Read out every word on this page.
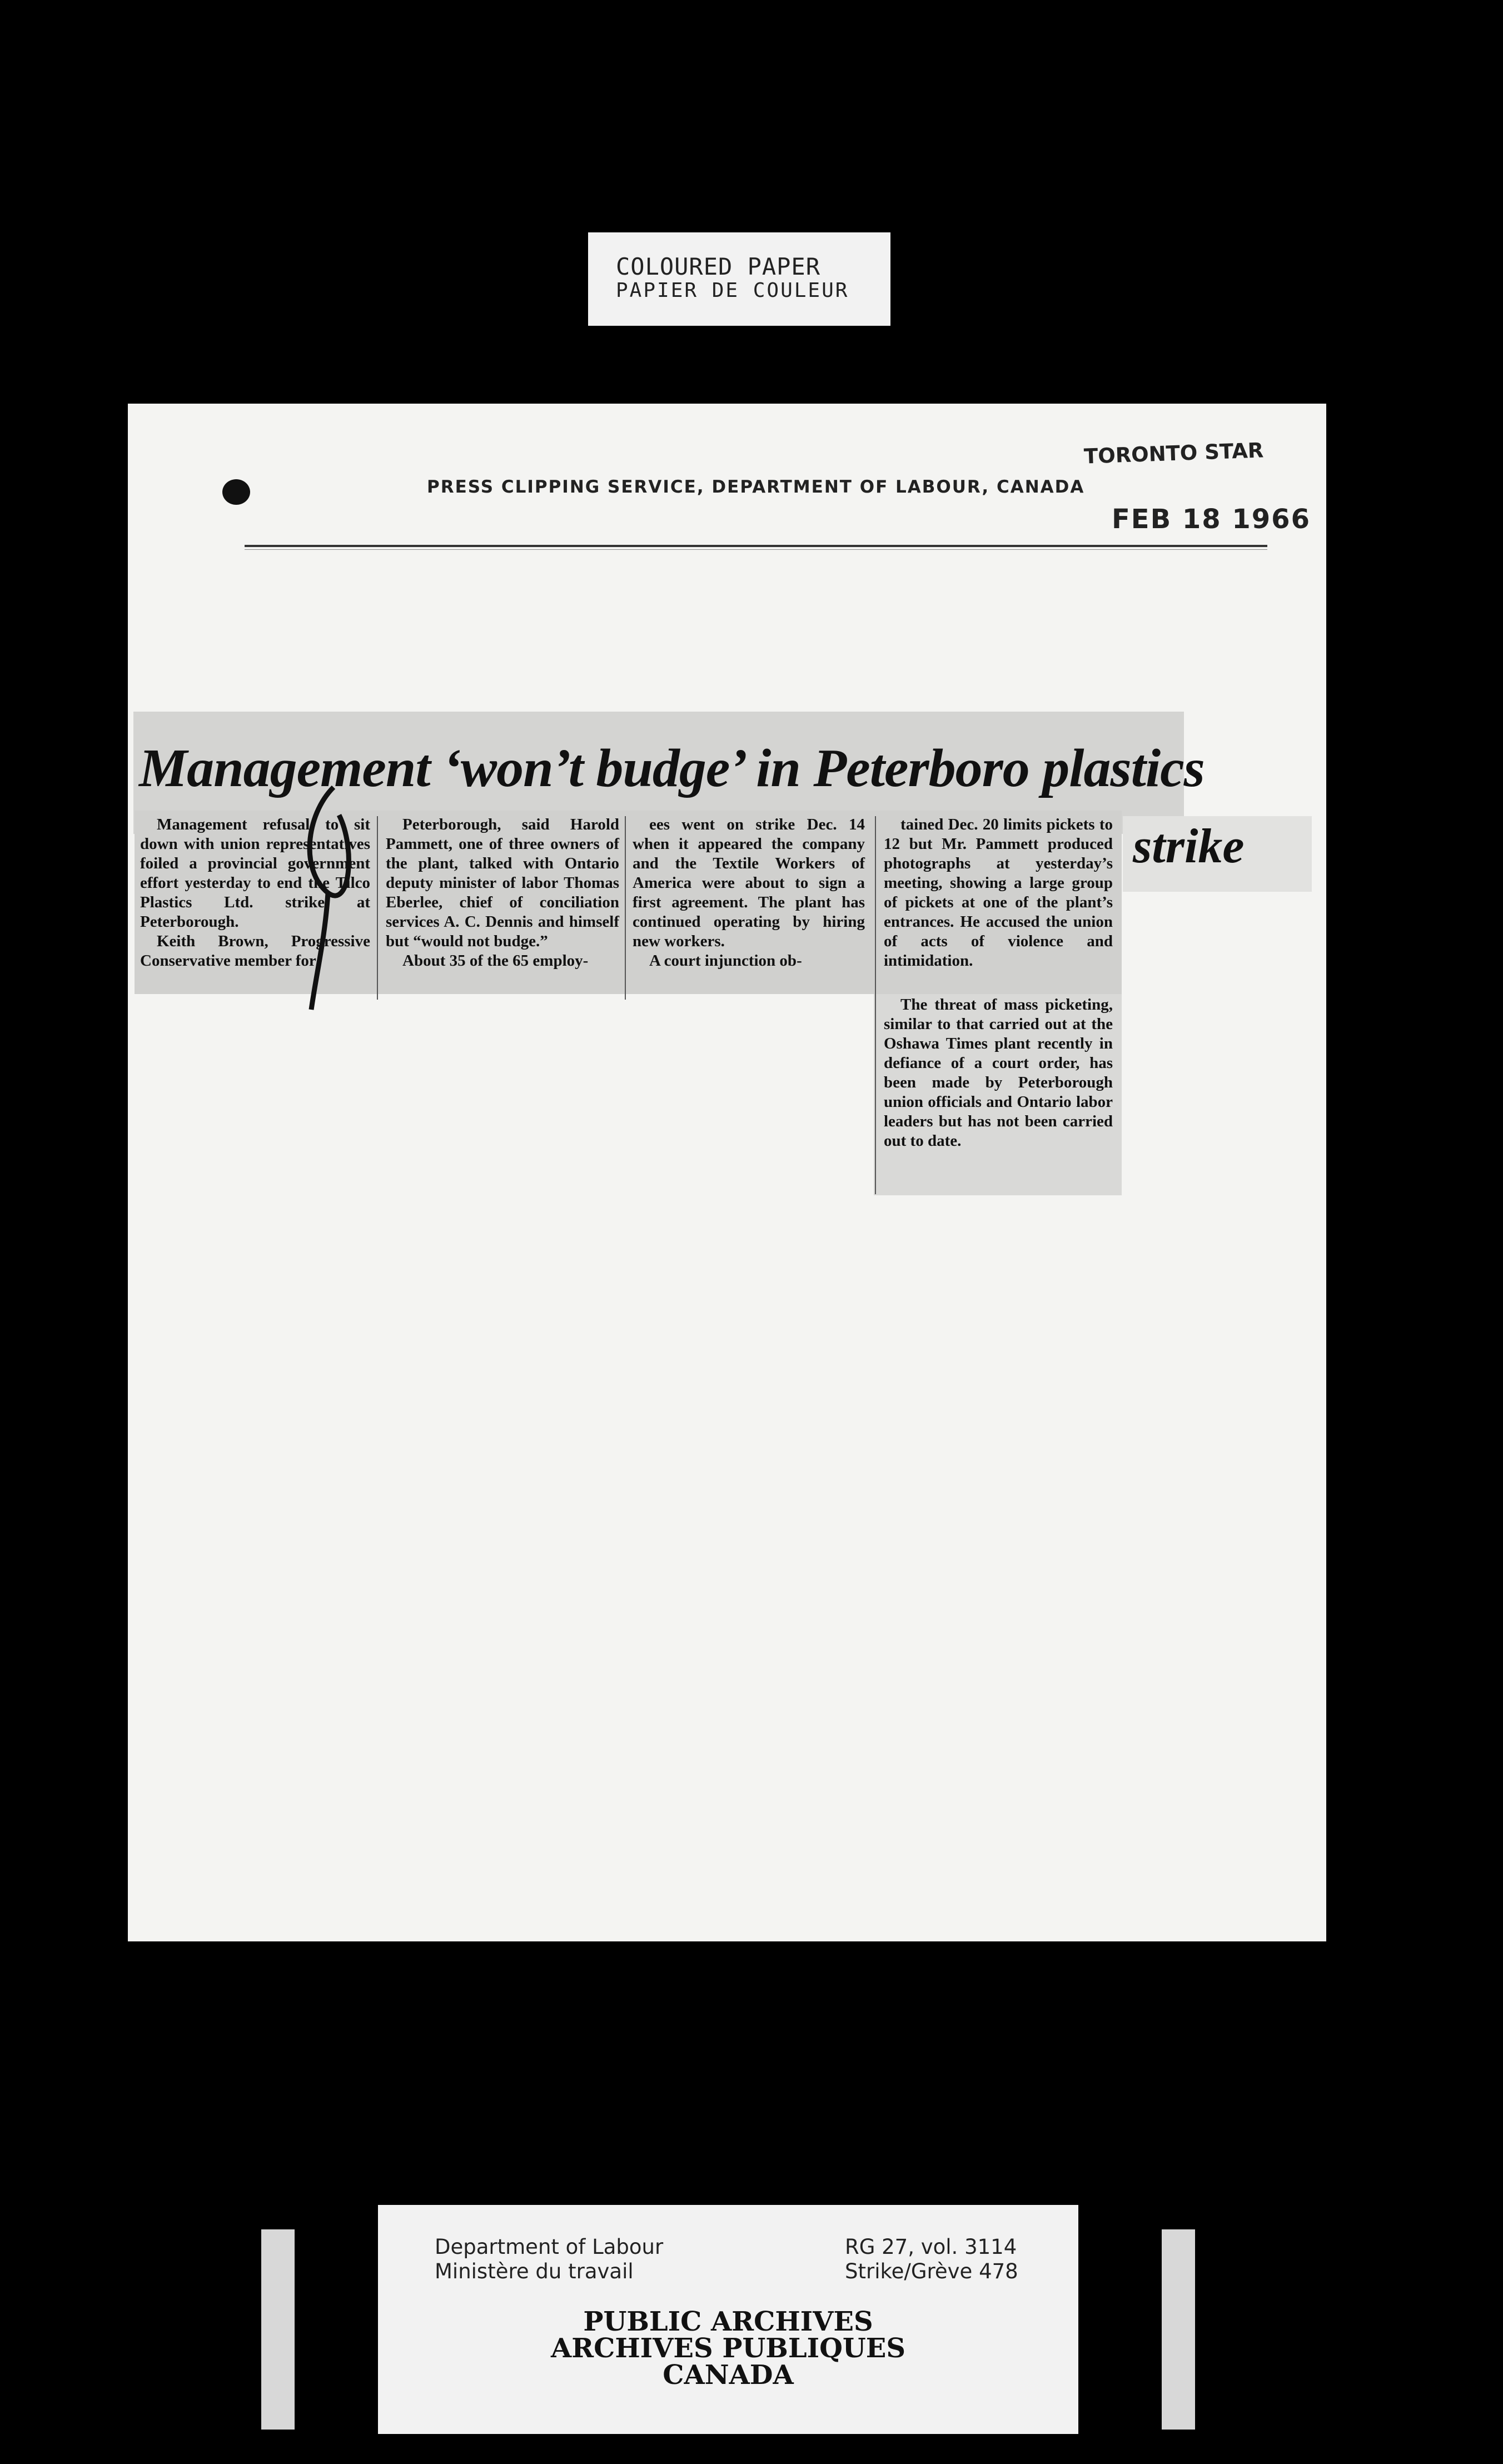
COLOURED PAPER
PAPIER DE COULEUR
PRESS CLIPPING SERVICE, DEPARTMENT OF LABOUR, CANADA
TORONTO STAR
FEB 18 1966
Management ‘won’t budge’ in Peterboro plastics
strike

Management refusal to sit down with union representatives foiled a provincial government effort yesterday to end the Tilco Plastics Ltd. strike at Peterborough.

Keith Brown, Progressive Conservative member for

Peterborough, said Harold Pammett, one of three owners of the plant, talked with Ontario deputy minister of labor Thomas Eberlee, chief of conciliation services A. C. Dennis and himself but “would not budge.”

About 35 of the 65 employ-

ees went on strike Dec. 14 when it appeared the company and the Textile Workers of America were about to sign a first agreement. The plant has continued operating by hiring new workers.

A court injunction ob-

tained Dec. 20 limits pickets to 12 but Mr. Pammett produced photographs at yesterday’s meeting, showing a large group of pickets at one of the plant’s entrances. He accused the union of acts of violence and intimidation.

The threat of mass picketing, similar to that carried out at the Oshawa Times plant recently in defiance of a court order, has been made by Peterborough union officials and Ontario labor leaders but has not been carried out to date.

Department of Labour
Ministère du travail
RG 27, vol. 3114
Strike/Grève 478
PUBLIC ARCHIVES
ARCHIVES PUBLIQUES
CANADA
